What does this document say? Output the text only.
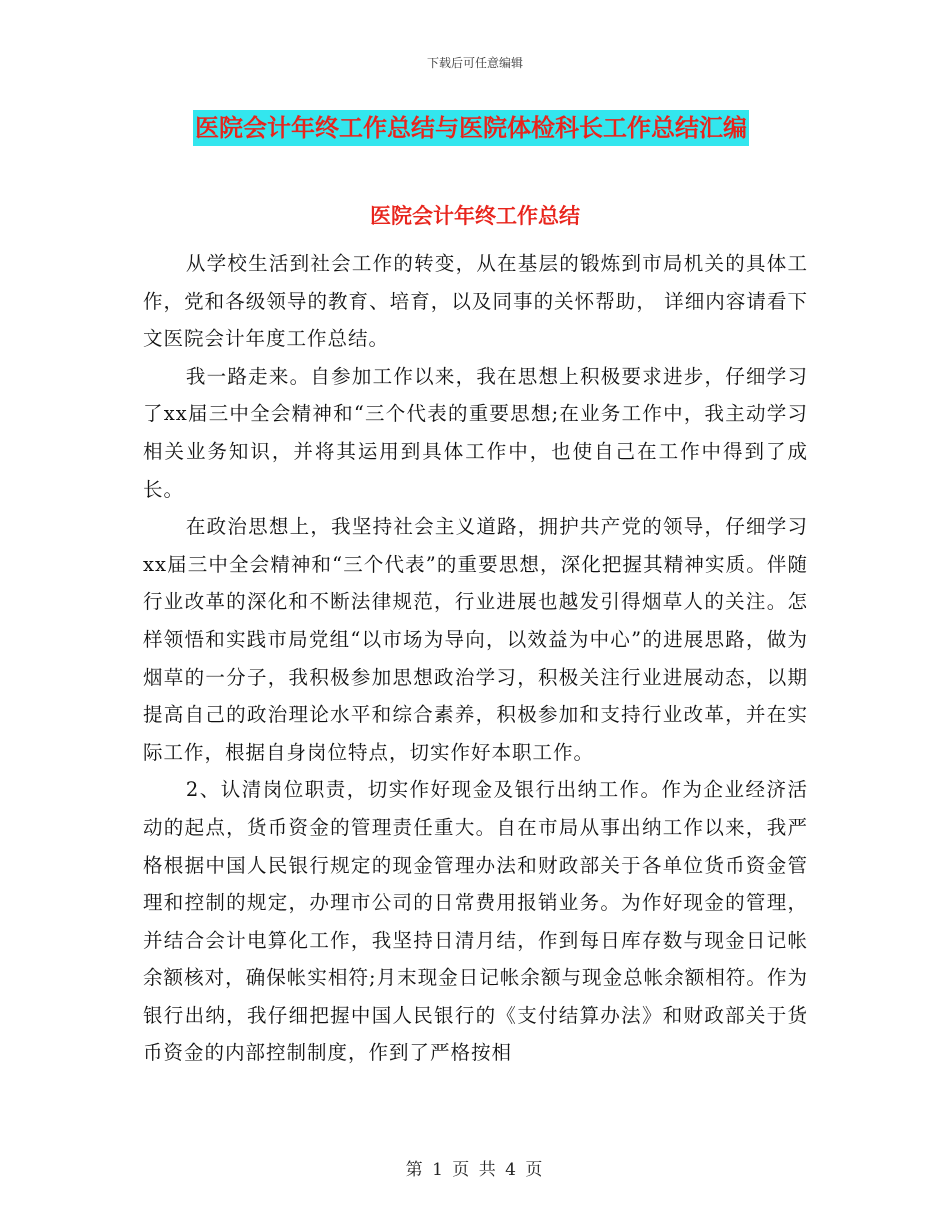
下载后可任意编辑
医院会计年终工作总结与医院体检科长工作总结汇编
医院会计年终工作总结

从学校生活到社会工作的转变，从在基层的锻炼到市局机关的具体工作，党和各级领导的教育、培育，以及同事的关怀帮助， 详细内容请看下文医院会计年度工作总结。

我一路走来。自参加工作以来，我在思想上积极要求进步，仔细学习了xx届三中全会精神和“三个代表的重要思想;在业务工作中，我主动学习相关业务知识，并将其运用到具体工作中，也使自己在工作中得到了成长。

在政治思想上，我坚持社会主义道路，拥护共产党的领导，仔细学习xx届三中全会精神和“三个代表”的重要思想，深化把握其精神实质。伴随行业改革的深化和不断法律规范，行业进展也越发引得烟草人的关注。怎样领悟和实践市局党组“以市场为导向，以效益为中心”的进展思路，做为烟草的一分子，我积极参加思想政治学习，积极关注行业进展动态，以期提高自己的政治理论水平和综合素养，积极参加和支持行业改革，并在实际工作，根据自身岗位特点，切实作好本职工作。

2、认清岗位职责，切实作好现金及银行出纳工作。作为企业经济活动的起点，货币资金的管理责任重大。自在市局从事出纳工作以来，我严格根据中国人民银行规定的现金管理办法和财政部关于各单位货币资金管理和控制的规定，办理市公司的日常费用报销业务。为作好现金的管理，并结合会计电算化工作，我坚持日清月结，作到每日库存数与现金日记帐余额核对，确保帐实相符;月末现金日记帐余额与现金总帐余额相符。作为银行出纳，我仔细把握中国人民银行的《支付结算办法》和财政部关于货币资金的内部控制制度，作到了严格按相

第 1 页 共 4 页
